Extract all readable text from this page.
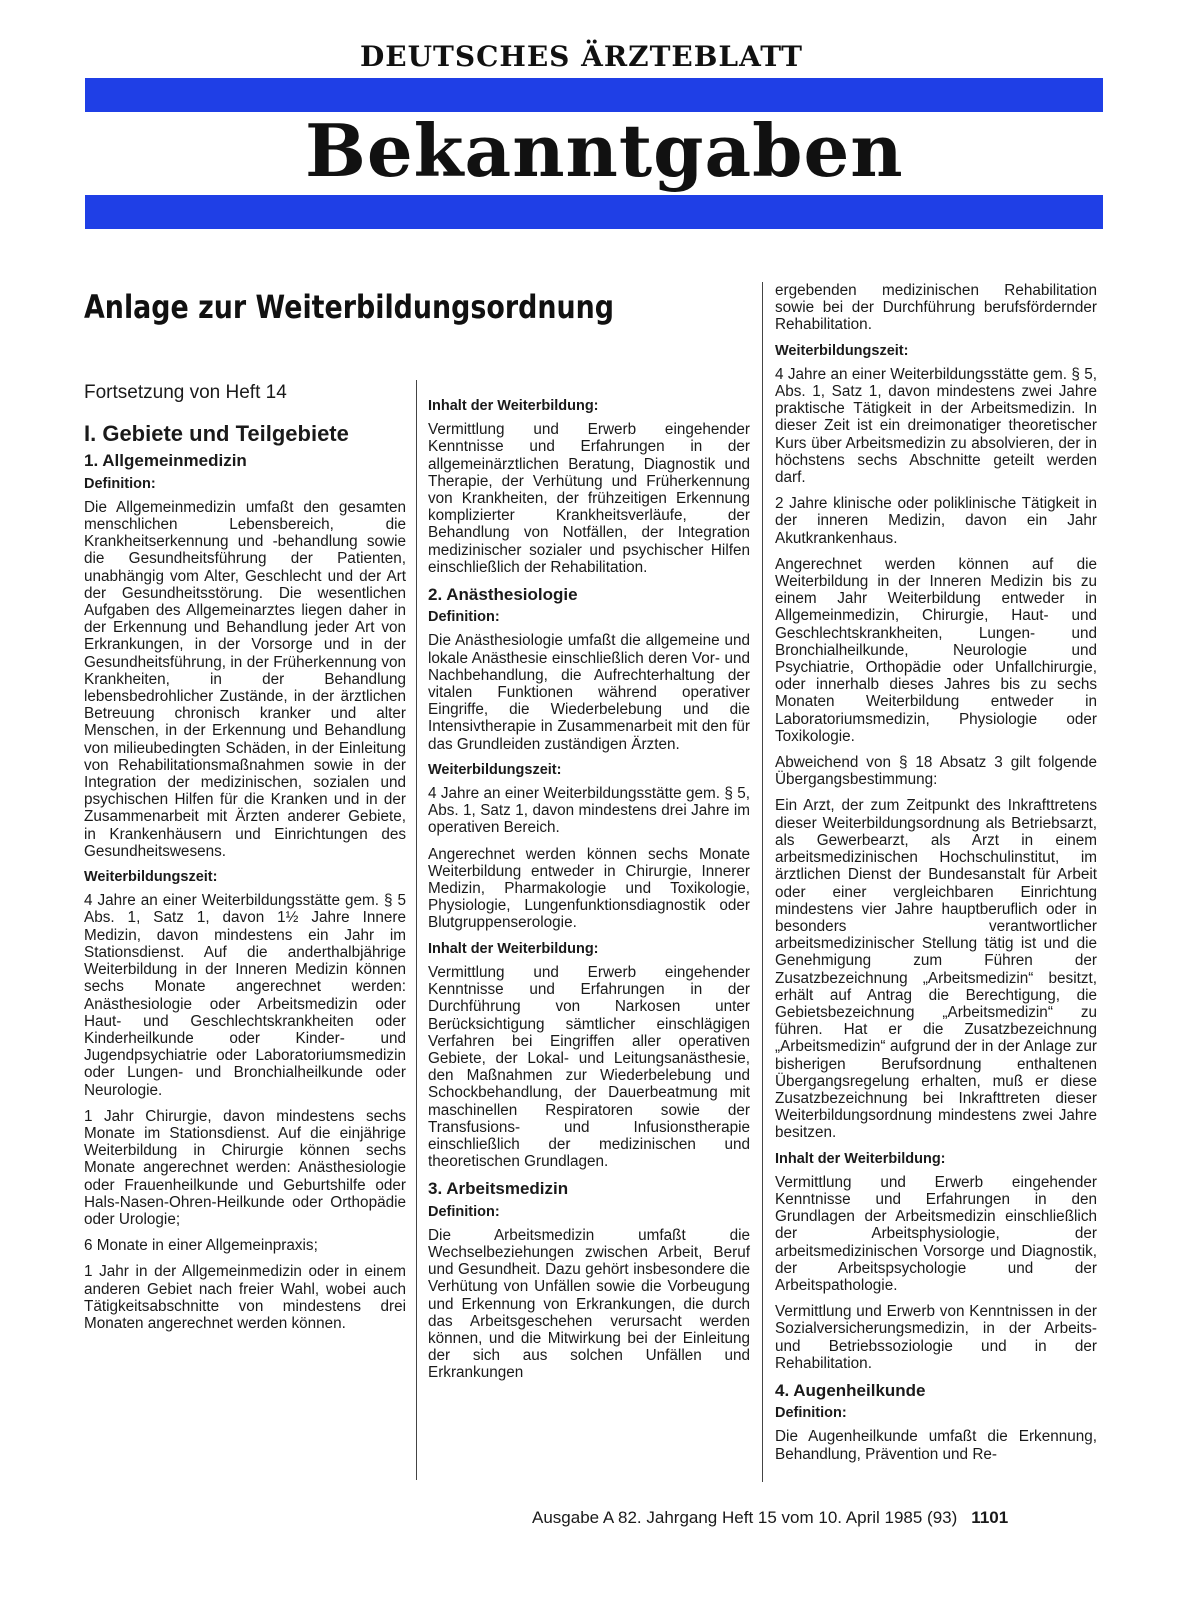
DEUTSCHES ÄRZTEBLATT
Bekanntgaben
Anlage zur Weiterbildungsordnung

Fortsetzung von Heft 14

I. Gebiete und Teilgebiete
1. Allgemeinmedizin
Definition:

Die Allgemeinmedizin umfaßt den gesamten menschlichen Lebensbereich, die Krankheitserkennung und -behandlung sowie die Gesundheitsführung der Patienten, unabhängig vom Alter, Geschlecht und der Art der Gesundheitsstörung. Die wesentlichen Aufgaben des Allgemeinarztes liegen daher in der Erkennung und Behandlung jeder Art von Erkrankungen, in der Vorsorge und in der Gesundheitsführung, in der Früherkennung von Krankheiten, in der Behandlung lebensbedrohlicher Zustände, in der ärztlichen Betreuung chronisch kranker und alter Menschen, in der Erkennung und Behandlung von milieubedingten Schäden, in der Einleitung von Rehabilitationsmaßnahmen sowie in der Integration der medizinischen, sozialen und psychischen Hilfen für die Kranken und in der Zusammenarbeit mit Ärzten anderer Gebiete, in Krankenhäusern und Einrichtungen des Gesundheitswesens.

Weiterbildungszeit:

4 Jahre an einer Weiterbildungsstätte gem. § 5 Abs. 1, Satz 1, davon 1½ Jahre Innere Medizin, davon mindestens ein Jahr im Stationsdienst. Auf die anderthalbjährige Weiterbildung in der Inneren Medizin können sechs Monate angerechnet werden: Anästhesiologie oder Arbeitsmedizin oder Haut- und Geschlechtskrankheiten oder Kinderheilkunde oder Kinder- und Jugendpsychiatrie oder Laboratoriumsmedizin oder Lungen- und Bronchialheilkunde oder Neurologie.

1 Jahr Chirurgie, davon mindestens sechs Monate im Stationsdienst. Auf die einjährige Weiterbildung in Chirurgie können sechs Monate angerechnet werden: Anästhesiologie oder Frauenheilkunde und Geburtshilfe oder Hals-Nasen-Ohren-Heilkunde oder Orthopädie oder Urologie;

6 Monate in einer Allgemeinpraxis;

1 Jahr in der Allgemeinmedizin oder in einem anderen Gebiet nach freier Wahl, wobei auch Tätigkeitsabschnitte von mindestens drei Monaten angerechnet werden können.

Inhalt der Weiterbildung:

Vermittlung und Erwerb eingehender Kenntnisse und Erfahrungen in der allgemeinärztlichen Beratung, Diagnostik und Therapie, der Verhütung und Früherkennung von Krankheiten, der frühzeitigen Erkennung komplizierter Krankheitsverläufe, der Behandlung von Notfällen, der Integration medizinischer sozialer und psychischer Hilfen einschließlich der Rehabilitation.

2. Anästhesiologie
Definition:

Die Anästhesiologie umfaßt die allgemeine und lokale Anästhesie einschließlich deren Vor- und Nachbehandlung, die Aufrechterhaltung der vitalen Funktionen während operativer Eingriffe, die Wiederbelebung und die Intensivtherapie in Zusammenarbeit mit den für das Grundleiden zuständigen Ärzten.

Weiterbildungszeit:

4 Jahre an einer Weiterbildungsstätte gem. § 5, Abs. 1, Satz 1, davon mindestens drei Jahre im operativen Bereich.

Angerechnet werden können sechs Monate Weiterbildung entweder in Chirurgie, Innerer Medizin, Pharmakologie und Toxikologie, Physiologie, Lungenfunktionsdiagnostik oder Blutgruppenserologie.

Inhalt der Weiterbildung:

Vermittlung und Erwerb eingehender Kenntnisse und Erfahrungen in der Durchführung von Narkosen unter Berücksichtigung sämtlicher einschlägigen Verfahren bei Eingriffen aller operativen Gebiete, der Lokal- und Leitungsanästhesie, den Maßnahmen zur Wiederbelebung und Schockbehandlung, der Dauerbeatmung mit maschinellen Respiratoren sowie der Transfusions- und Infusionstherapie einschließlich der medizinischen und theoretischen Grundlagen.

3. Arbeitsmedizin
Definition:

Die Arbeitsmedizin umfaßt die Wechselbeziehungen zwischen Arbeit, Beruf und Gesundheit. Dazu gehört insbesondere die Verhütung von Unfällen sowie die Vorbeugung und Erkennung von Erkrankungen, die durch das Arbeitsgeschehen verursacht werden können, und die Mitwirkung bei der Einleitung der sich aus solchen Unfällen und Erkrankungen

ergebenden medizinischen Rehabilitation sowie bei der Durchführung berufsfördernder Rehabilitation.

Weiterbildungszeit:

4 Jahre an einer Weiterbildungsstätte gem. § 5, Abs. 1, Satz 1, davon mindestens zwei Jahre praktische Tätigkeit in der Arbeitsmedizin. In dieser Zeit ist ein dreimonatiger theoretischer Kurs über Arbeitsmedizin zu absolvieren, der in höchstens sechs Abschnitte geteilt werden darf.

2 Jahre klinische oder poliklinische Tätigkeit in der inneren Medizin, davon ein Jahr Akutkrankenhaus.

Angerechnet werden können auf die Weiterbildung in der Inneren Medizin bis zu einem Jahr Weiterbildung entweder in Allgemeinmedizin, Chirurgie, Haut- und Geschlechtskrankheiten, Lungen- und Bronchialheilkunde, Neurologie und Psychiatrie, Orthopädie oder Unfallchirurgie, oder innerhalb dieses Jahres bis zu sechs Monaten Weiterbildung entweder in Laboratoriumsmedizin, Physiologie oder Toxikologie.

Abweichend von § 18 Absatz 3 gilt folgende Übergangsbestimmung:

Ein Arzt, der zum Zeitpunkt des Inkrafttretens dieser Weiterbildungsordnung als Betriebsarzt, als Gewerbearzt, als Arzt in einem arbeitsmedizinischen Hochschulinstitut, im ärztlichen Dienst der Bundesanstalt für Arbeit oder einer vergleichbaren Einrichtung mindestens vier Jahre hauptberuflich oder in besonders verantwortlicher arbeitsmedizinischer Stellung tätig ist und die Genehmigung zum Führen der Zusatzbezeichnung „Arbeitsmedizin“ besitzt, erhält auf Antrag die Berechtigung, die Gebietsbezeichnung „Arbeitsmedizin“ zu führen. Hat er die Zusatzbezeichnung „Arbeitsmedizin“ aufgrund der in der Anlage zur bisherigen Berufsordnung enthaltenen Übergangsregelung erhalten, muß er diese Zusatzbezeichnung bei Inkrafttreten dieser Weiterbildungsordnung mindestens zwei Jahre besitzen.

Inhalt der Weiterbildung:

Vermittlung und Erwerb eingehender Kenntnisse und Erfahrungen in den Grundlagen der Arbeitsmedizin einschließlich der Arbeitsphysiologie, der arbeitsmedizinischen Vorsorge und Diagnostik, der Arbeitspsychologie und der Arbeitspathologie.

Vermittlung und Erwerb von Kenntnissen in der Sozialversicherungsmedizin, in der Arbeits- und Betriebssoziologie und in der Rehabilitation.

4. Augenheilkunde
Definition:

Die Augenheilkunde umfaßt die Erkennung, Behandlung, Prävention und Re-

Ausgabe A 82. Jahrgang Heft 15 vom 10. April 1985 (93) 1101
